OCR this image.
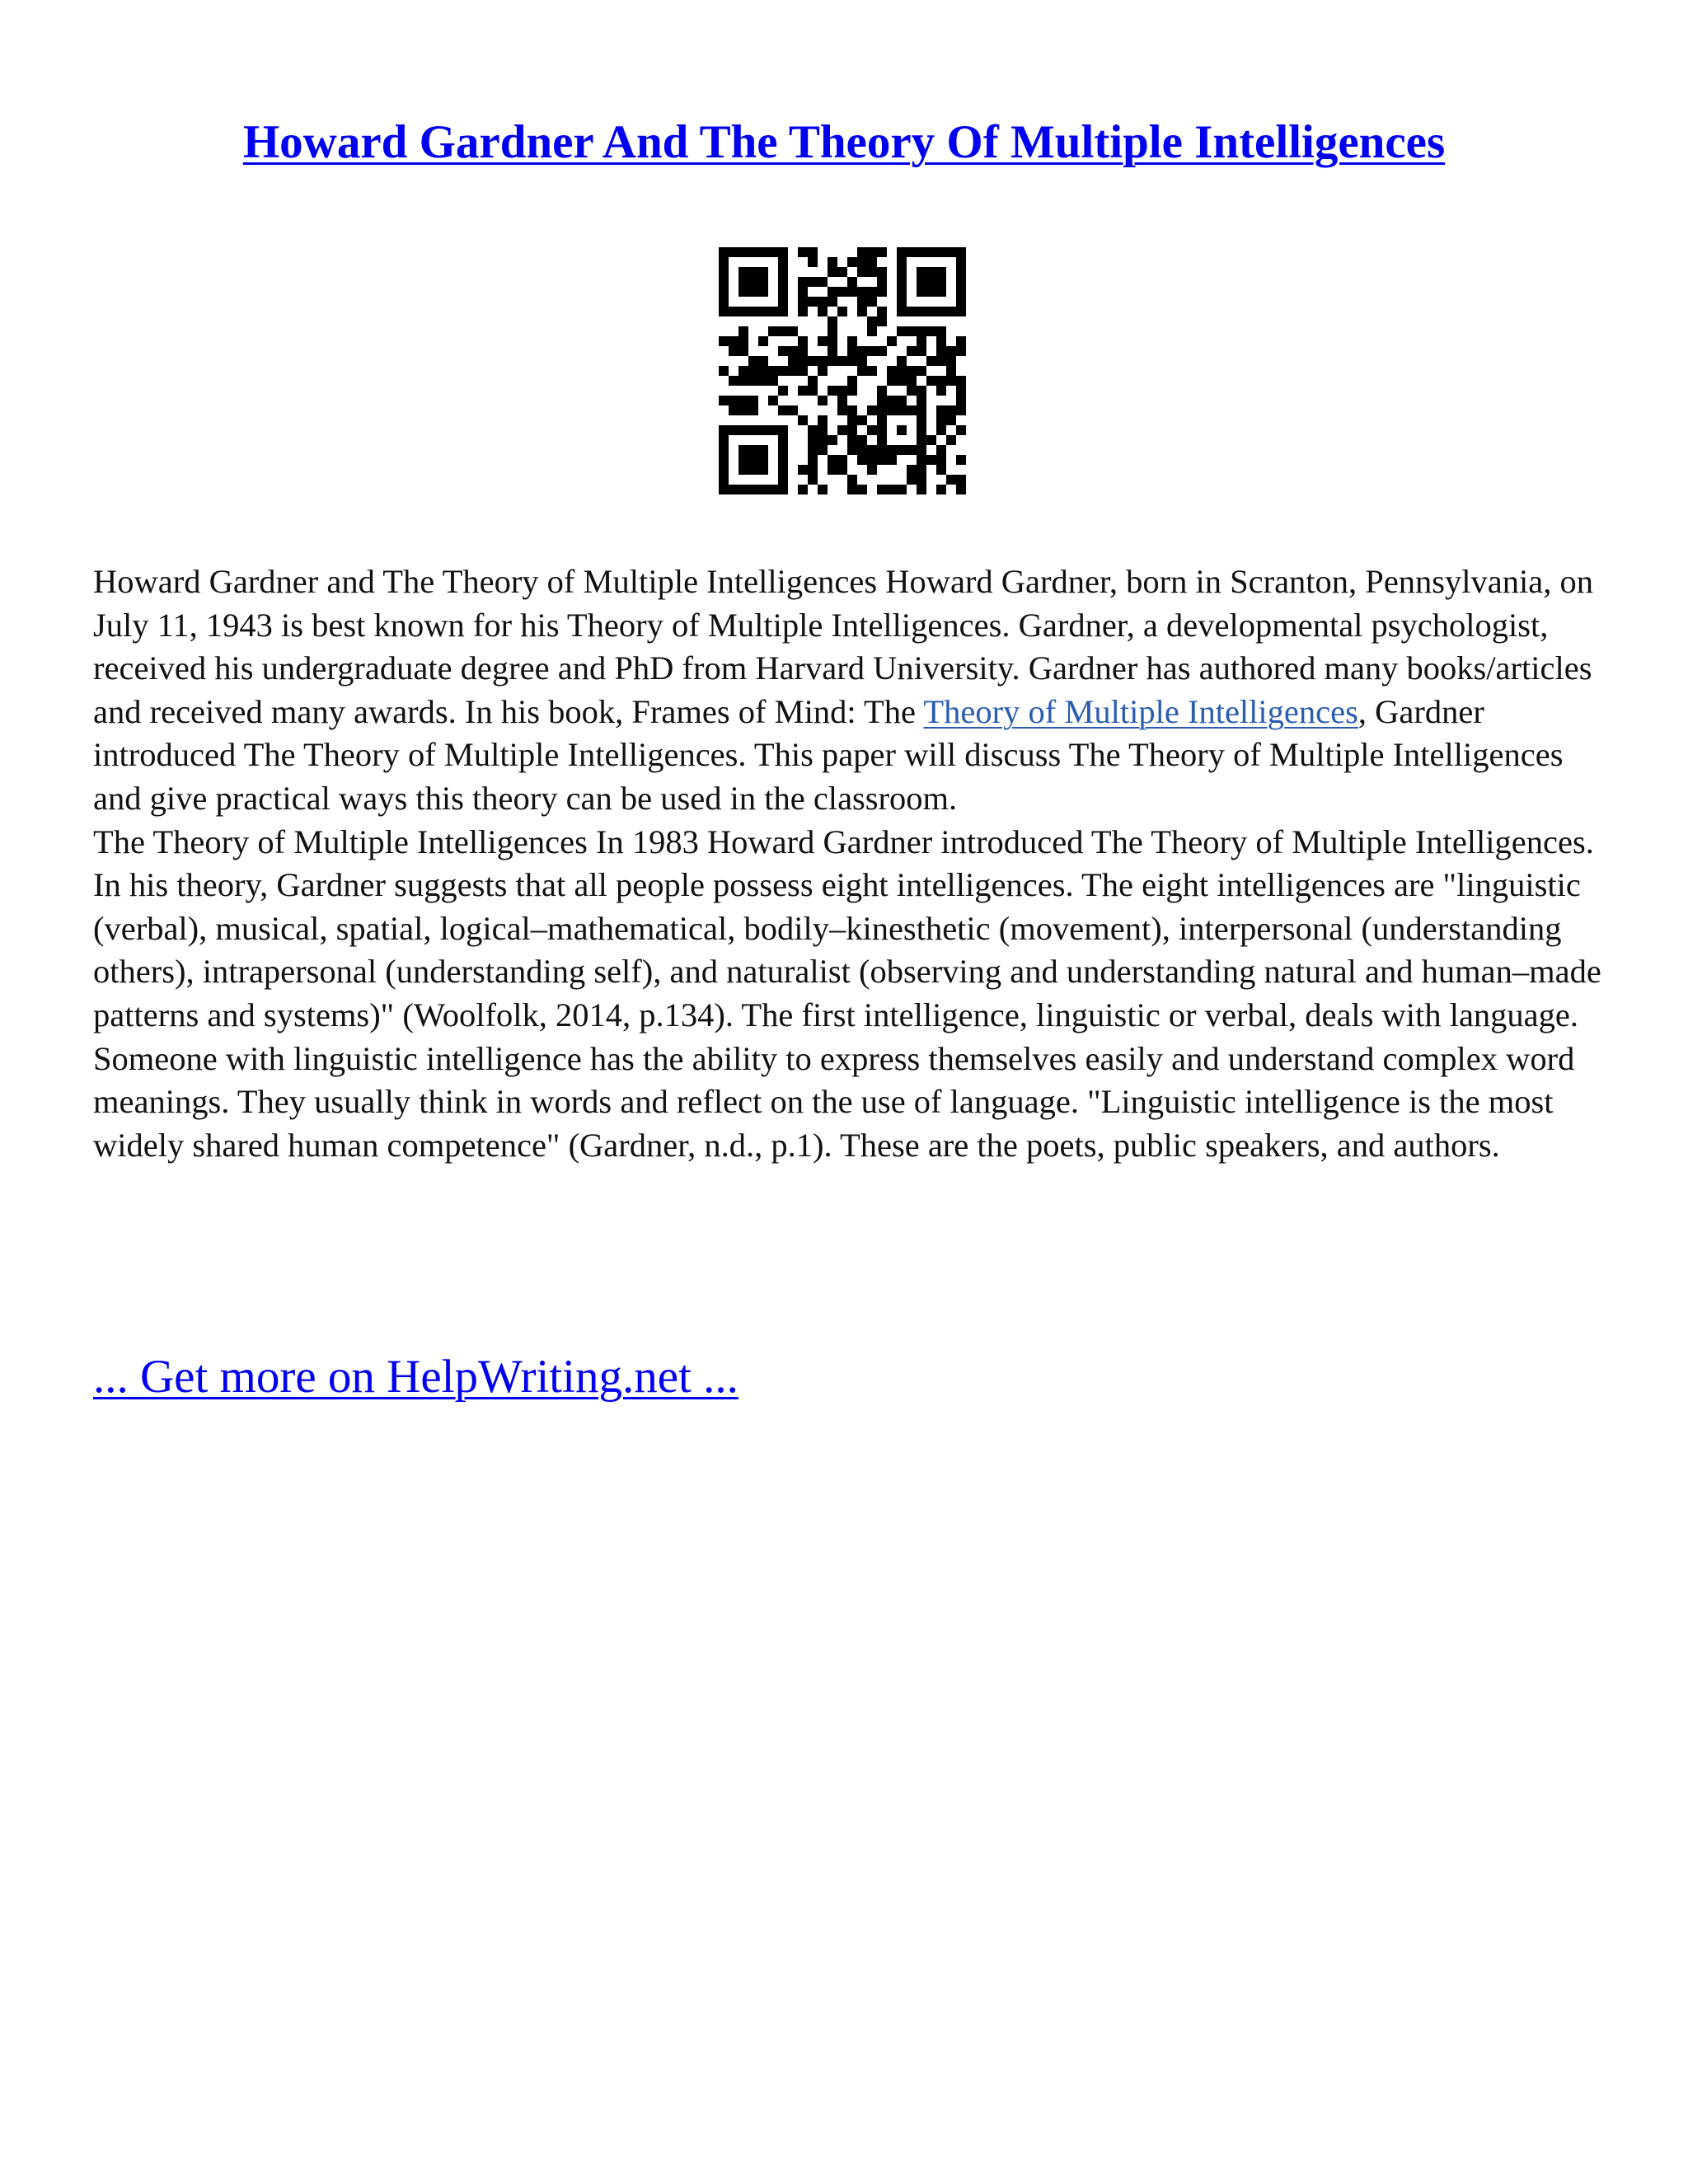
Howard Gardner And The Theory Of Multiple Intelligences

Howard Gardner and The Theory of Multiple Intelligences Howard Gardner, born in Scranton, Pennsylvania, on July 11, 1943 is best known for his Theory of Multiple Intelligences. Gardner, a developmental psychologist, received his undergraduate degree and PhD from Harvard University. Gardner has authored many books/articles and received many awards. In his book, Frames of Mind: The Theory of Multiple Intelligences, Gardner introduced The Theory of Multiple Intelligences. This paper will discuss The Theory of Multiple Intelligences and give practical ways this theory can be used in the classroom.

The Theory of Multiple Intelligences In 1983 Howard Gardner introduced The Theory of Multiple Intelligences. In his theory, Gardner suggests that all people possess eight intelligences. The eight intelligences are "linguistic (verbal), musical, spatial, logical–mathematical, bodily–kinesthetic (movement), interpersonal (understanding others), intrapersonal (understanding self), and naturalist (observing and understanding natural and human–made patterns and systems)" (Woolfolk, 2014, p.134). The first intelligence, linguistic or verbal, deals with language. Someone with linguistic intelligence has the ability to express themselves easily and understand complex word meanings. They usually think in words and reflect on the use of language. "Linguistic intelligence is the most widely shared human competence" (Gardner, n.d., p.1). These are the poets, public speakers, and authors.

... Get more on HelpWriting.net ...
